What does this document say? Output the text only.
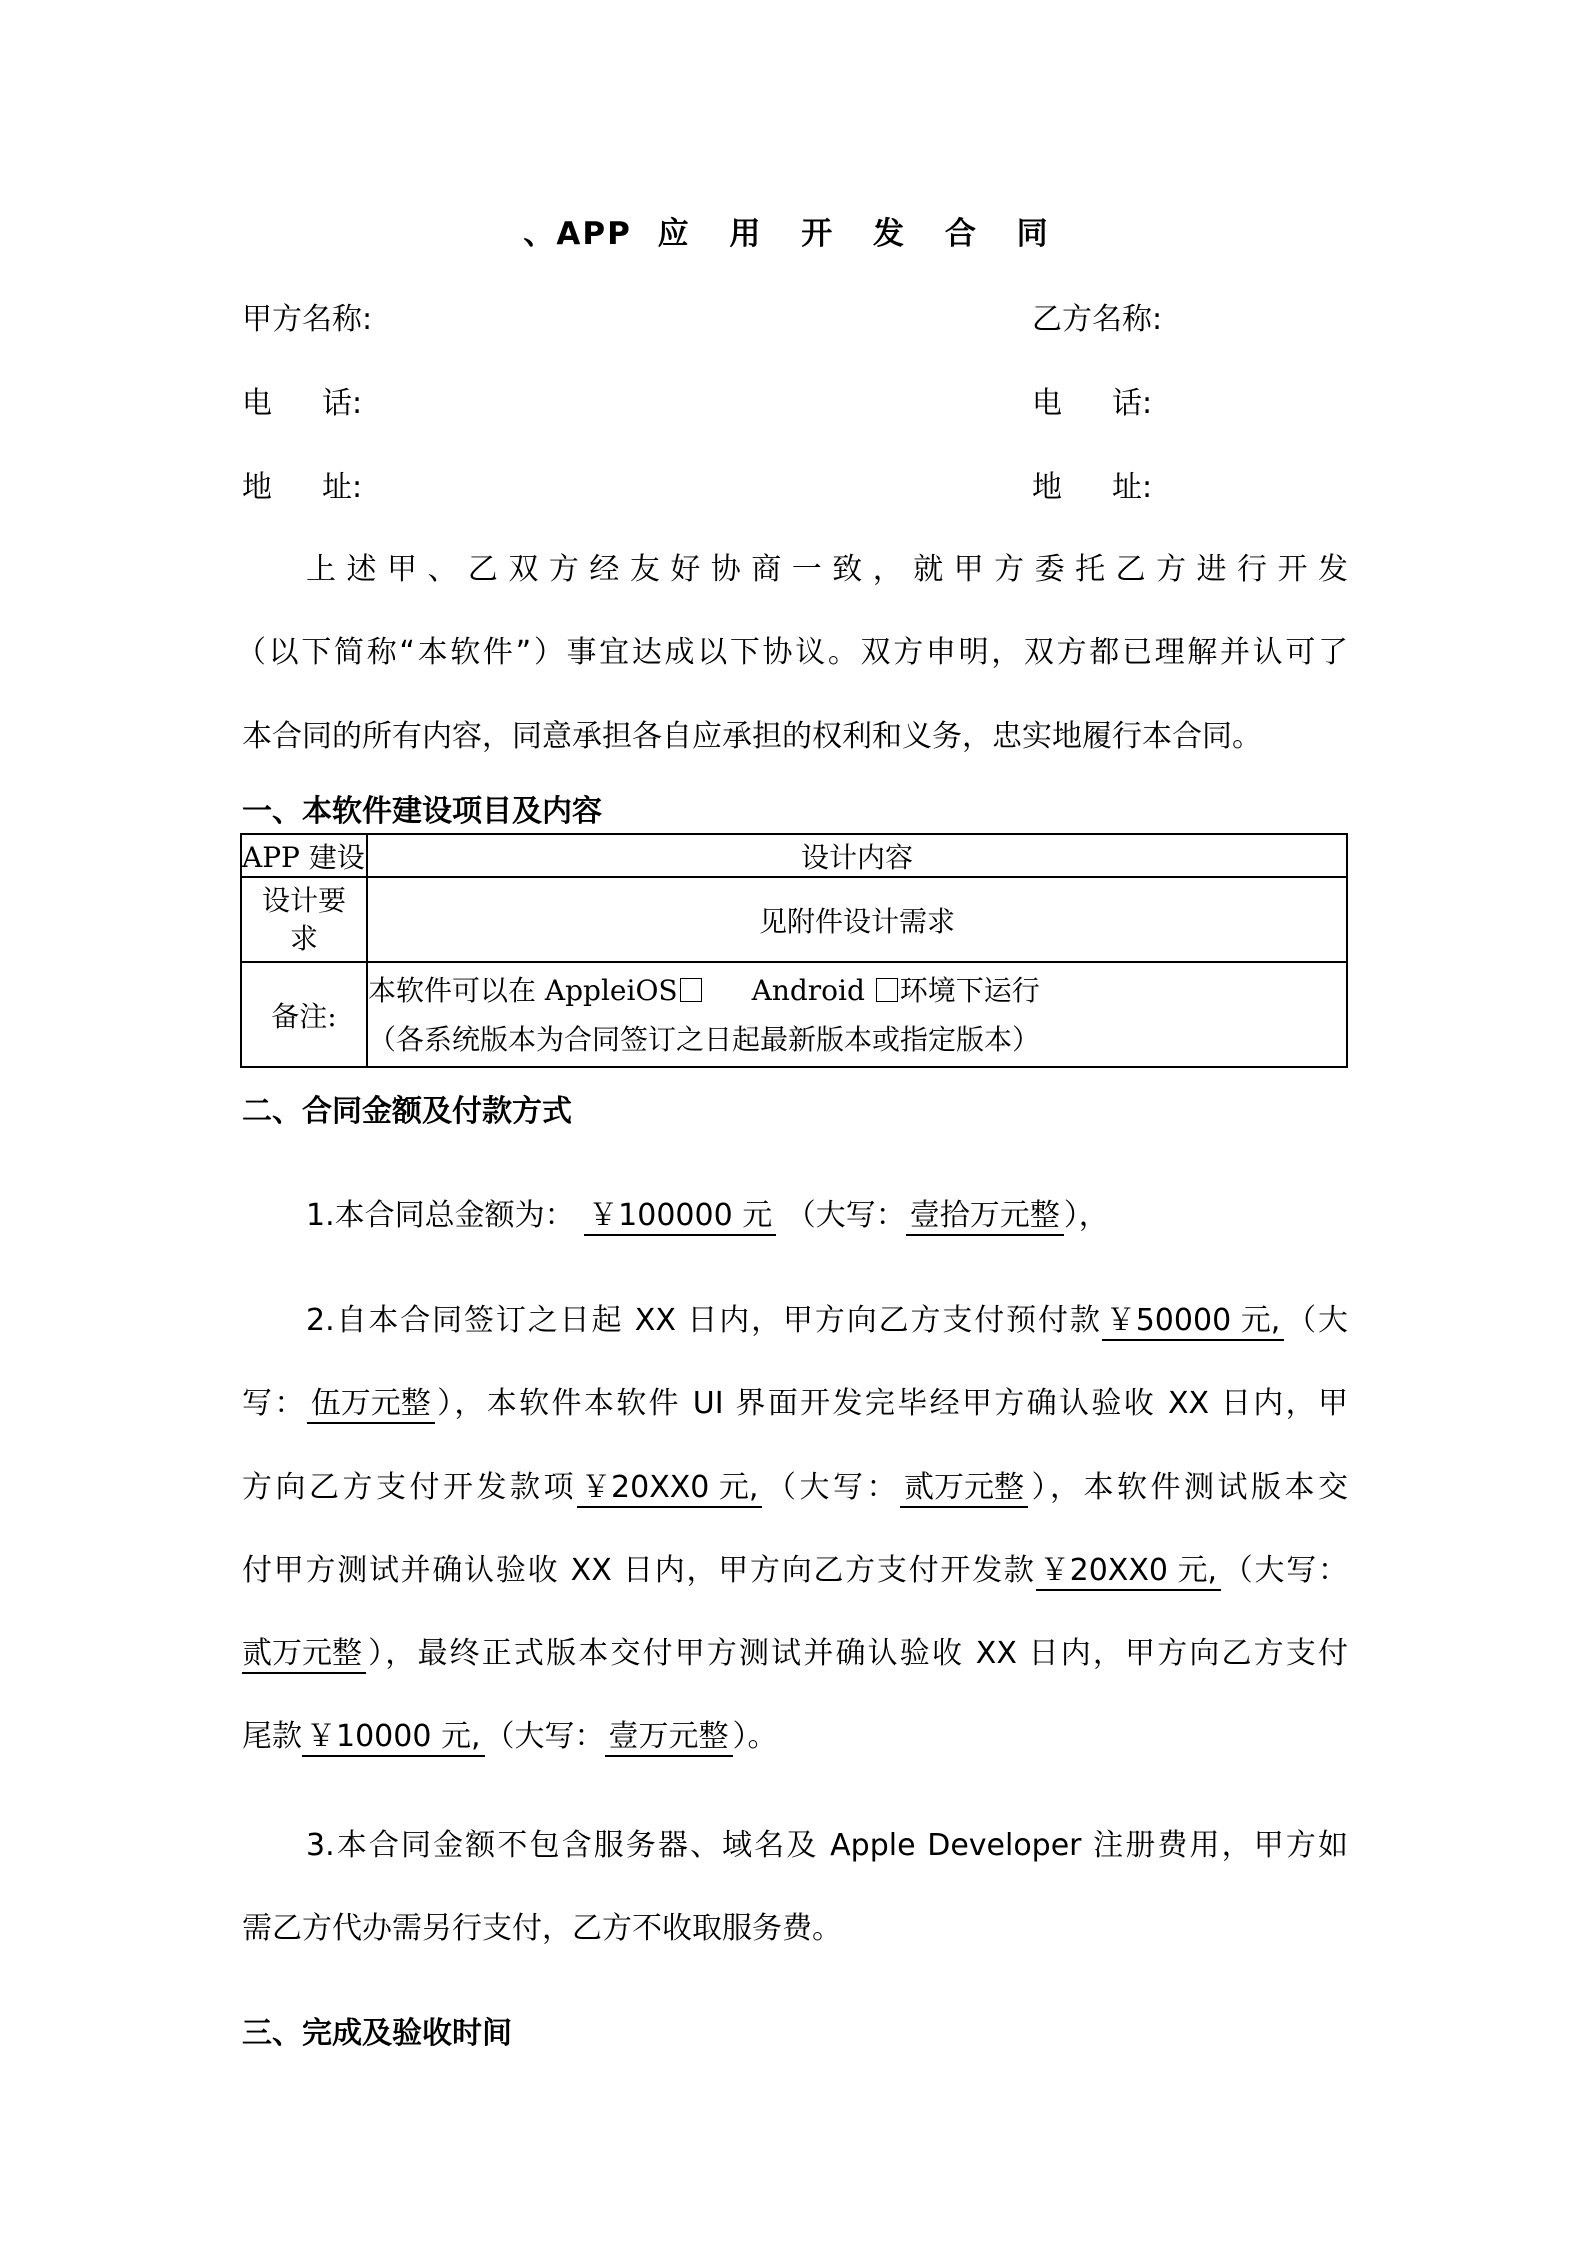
、APP 应 用 开 发 合 同
甲方名称:	乙方名称:
电 话:	电 话:
地 址:	地 址:
上述甲、乙双方经友好协商一致，就甲方委托乙方进行开发
（以下简称“本软件”）事宜达成以下协议。双方申明，双方都已理解并认可了
本合同的所有内容，同意承担各自应承担的权利和义务，忠实地履行本合同。
一、本软件建设项目及内容
APP 建设	设计内容

设计要
求	见附件设计需求
备注:	本软件可以在 AppleiOS Android 环境下运行
（各系统版本为合同签订之日起最新版本或指定版本）
二、合同金额及付款方式
1.本合同总金额为： ￥100000 元 （大写： 壹拾万元整），
2.自本合同签订之日起 XX 日内，甲方向乙方支付预付款 ￥50000 元, （大
写： 伍万元整），本软件本软件 UI 界面开发完毕经甲方确认验收 XX 日内，甲
方向乙方支付开发款项 ￥20XX0 元, （大写： 贰万元整），本软件测试版本交
付甲方测试并确认验收 XX 日内，甲方向乙方支付开发款 ￥20XX0 元, （大写：
贰万元整），最终正式版本交付甲方测试并确认验收 XX 日内，甲方向乙方支付
尾款 ￥10000 元, （大写： 壹万元整）。
3.本合同金额不包含服务器、域名及 Apple Developer 注册费用，甲方如
需乙方代办需另行支付，乙方不收取服务费。
三、完成及验收时间
